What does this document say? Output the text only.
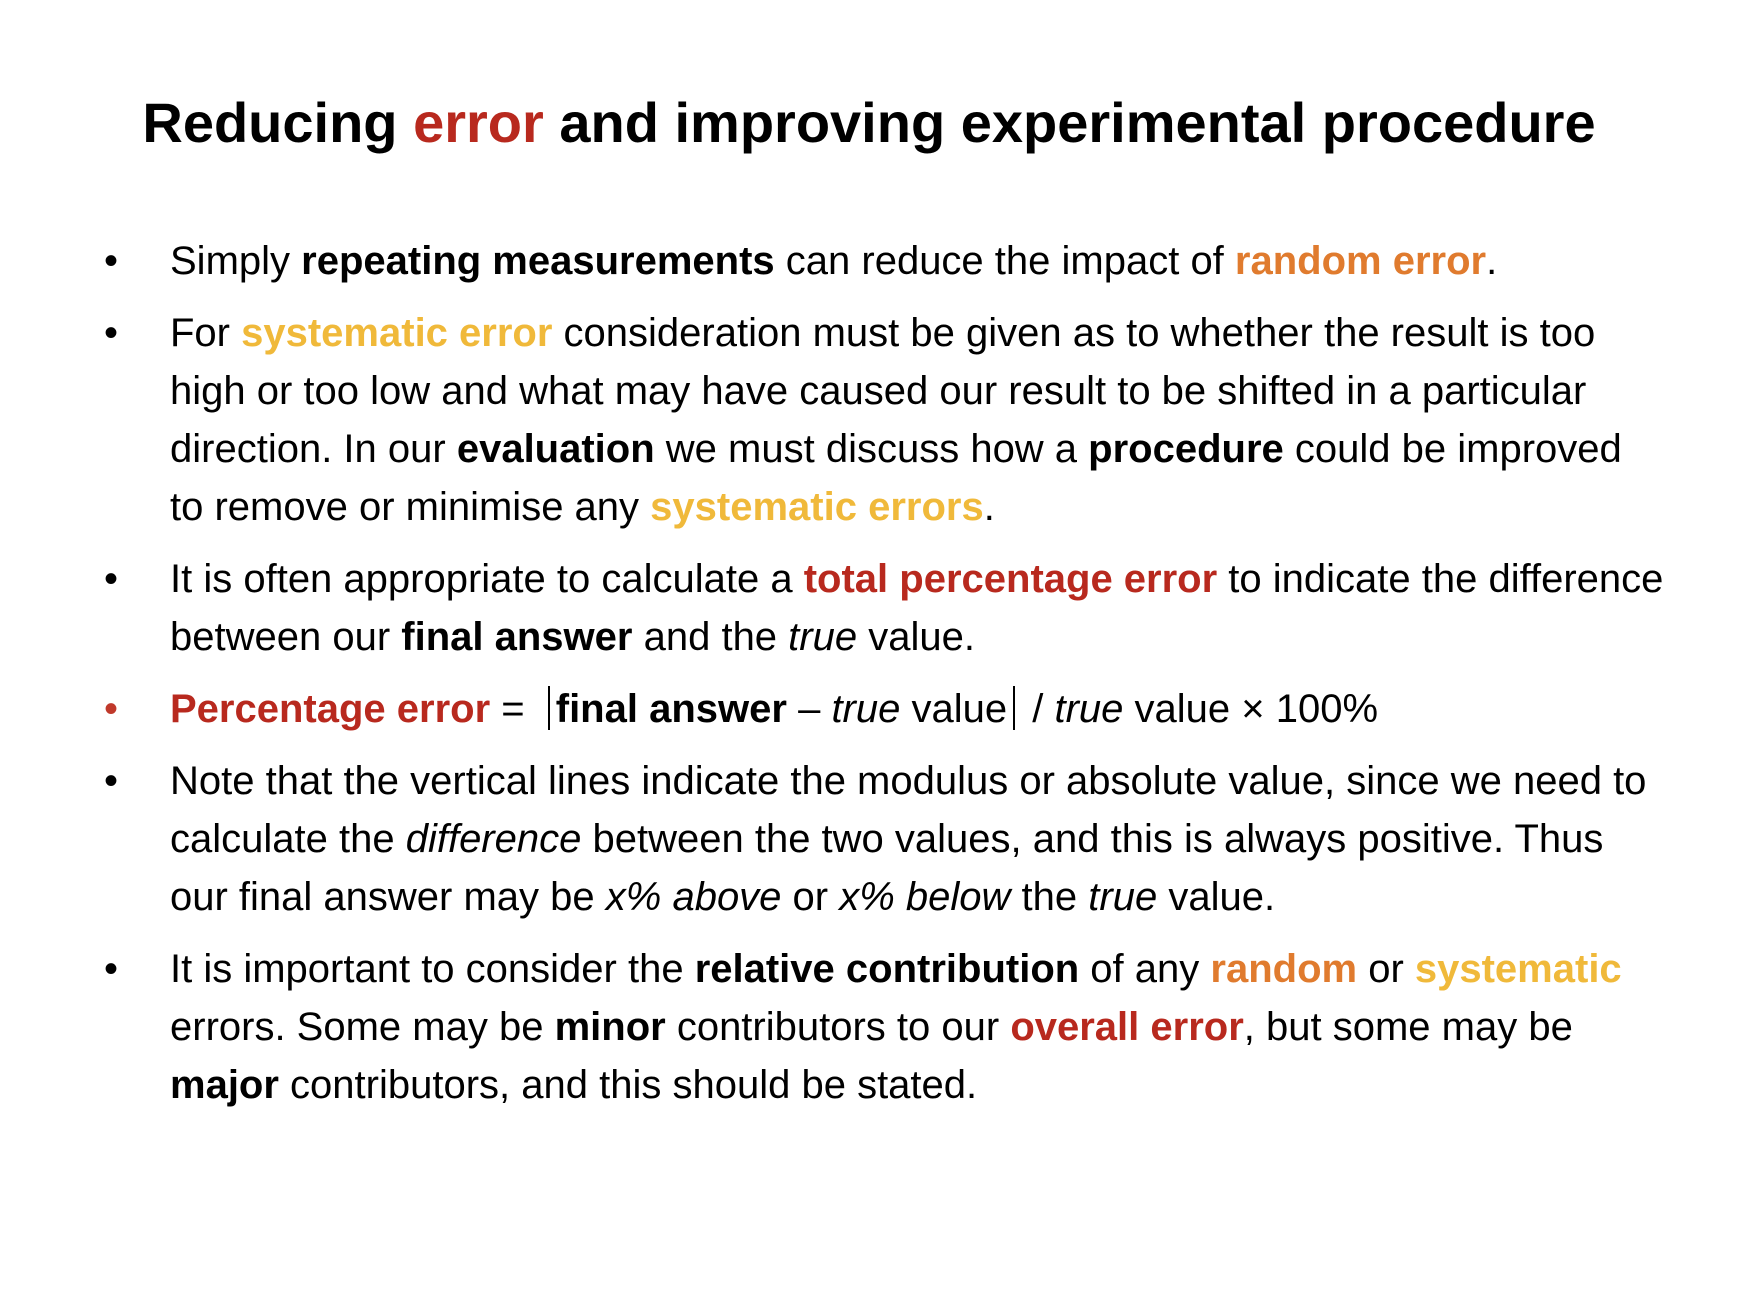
Reducing error and improving experimental procedure
•	Simply repeating measurements can reduce the impact of random error.
•	For systematic error consideration must be given as to whether the result is too high or too low and what may have caused our result to be shifted in a particular direction. In our evaluation we must discuss how a procedure could be improved to remove or minimise any systematic errors.
•	It is often appropriate to calculate a total percentage error to indicate the difference between our final answer and the true value.
•	Percentage error = final answer – true value / true value × 100%
•	Note that the vertical lines indicate the modulus or absolute value, since we need to calculate the difference between the two values, and this is always positive. Thus our final answer may be x% above or x% below the true value.
•	It is important to consider the relative contribution of any random or systematic errors. Some may be minor contributors to our overall error, but some may be major contributors, and this should be stated.
